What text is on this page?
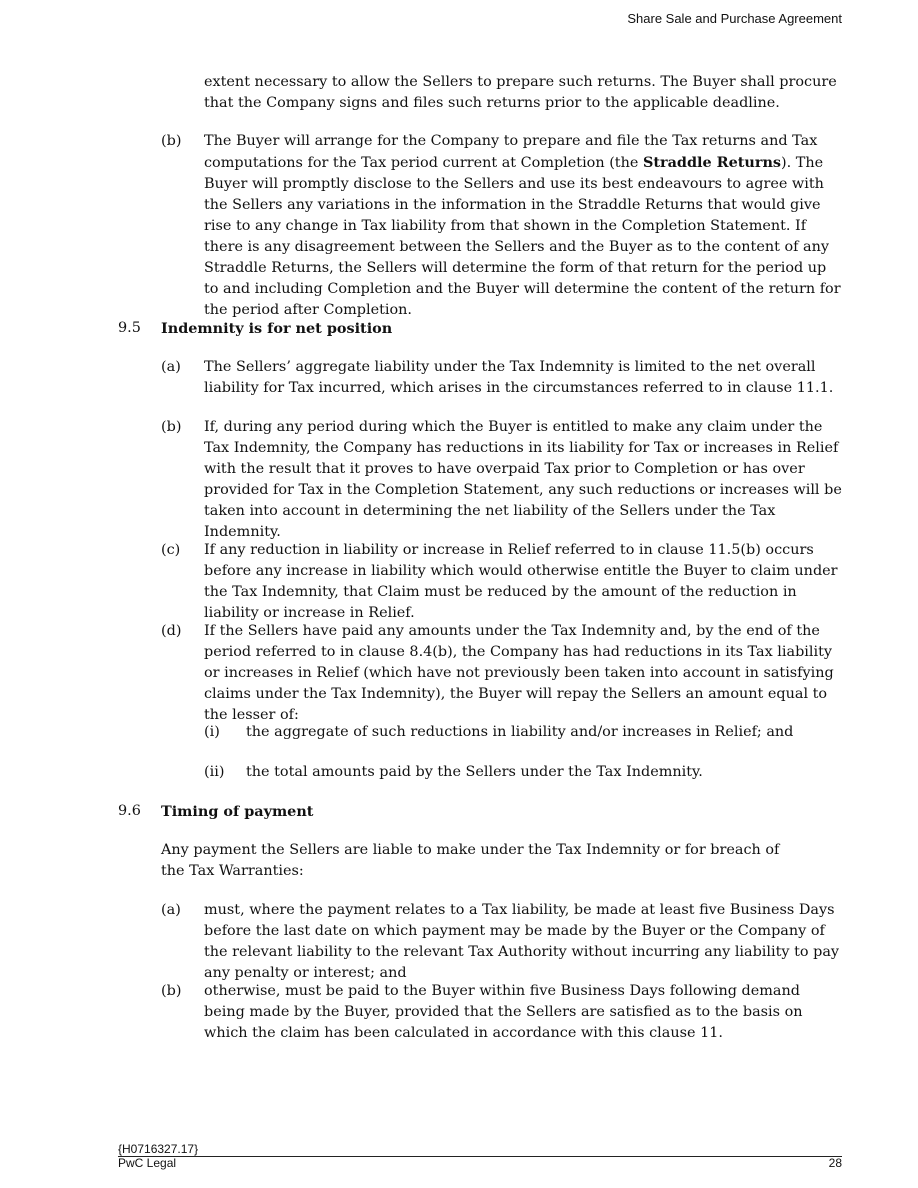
Share Sale and Purchase Agreement

extent necessary to allow the Sellers to prepare such returns. The Buyer shall procure that the Company signs and files such returns prior to the applicable deadline.

(b) The Buyer will arrange for the Company to prepare and file the Tax returns and Tax computations for the Tax period current at Completion (the Straddle Returns). The Buyer will promptly disclose to the Sellers and use its best endeavours to agree with the Sellers any variations in the information in the Straddle Returns that would give rise to any change in Tax liability from that shown in the Completion Statement. If there is any disagreement between the Sellers and the Buyer as to the content of any Straddle Returns, the Sellers will determine the form of that return for the period up to and including Completion and the Buyer will determine the content of the return for the period after Completion.

9.5 Indemnity is for net position
(a) The Sellers’ aggregate liability under the Tax Indemnity is limited to the net overall liability for Tax incurred, which arises in the circumstances referred to in clause 11.1.

(b) If, during any period during which the Buyer is entitled to make any claim under the Tax Indemnity, the Company has reductions in its liability for Tax or increases in Relief with the result that it proves to have overpaid Tax prior to Completion or has over provided for Tax in the Completion Statement, any such reductions or increases will be taken into account in determining the net liability of the Sellers under the Tax Indemnity.

(c) If any reduction in liability or increase in Relief referred to in clause 11.5(b) occurs before any increase in liability which would otherwise entitle the Buyer to claim under the Tax Indemnity, that Claim must be reduced by the amount of the reduction in liability or increase in Relief.

(d) If the Sellers have paid any amounts under the Tax Indemnity and, by the end of the period referred to in clause 8.4(b), the Company has had reductions in its Tax liability or increases in Relief (which have not previously been taken into account in satisfying claims under the Tax Indemnity), the Buyer will repay the Sellers an amount equal to the lesser of:

(i) the aggregate of such reductions in liability and/or increases in Relief; and

(ii) the total amounts paid by the Sellers under the Tax Indemnity.

9.6 Timing of payment

Any payment the Sellers are liable to make under the Tax Indemnity or for breach of the Tax Warranties:

(a) must, where the payment relates to a Tax liability, be made at least five Business Days before the last date on which payment may be made by the Buyer or the Company of the relevant liability to the relevant Tax Authority without incurring any liability to pay any penalty or interest; and

(b) otherwise, must be paid to the Buyer within five Business Days following demand being made by the Buyer, provided that the Sellers are satisfied as to the basis on which the claim has been calculated in accordance with this clause 11.

{H0716327.17}
PwC Legal	28
